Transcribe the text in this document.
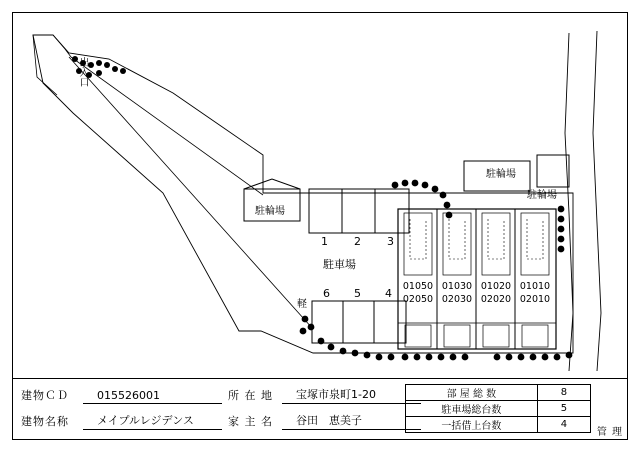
出入口
駐輪場
駐輪場
駐輪場
駐車場
1 2 3
6 5 4
軽
01050
02050
01030
02030
01020
02020
01010
02010
建物ＣＤ	015526001	所 在 地	宝塚市泉町1-20
建物名称	メイプルレジデンス	家 主 名	谷田　恵美子
部 屋 総 数	8
駐車場総台数	5
一括借上台数	4
管 理
